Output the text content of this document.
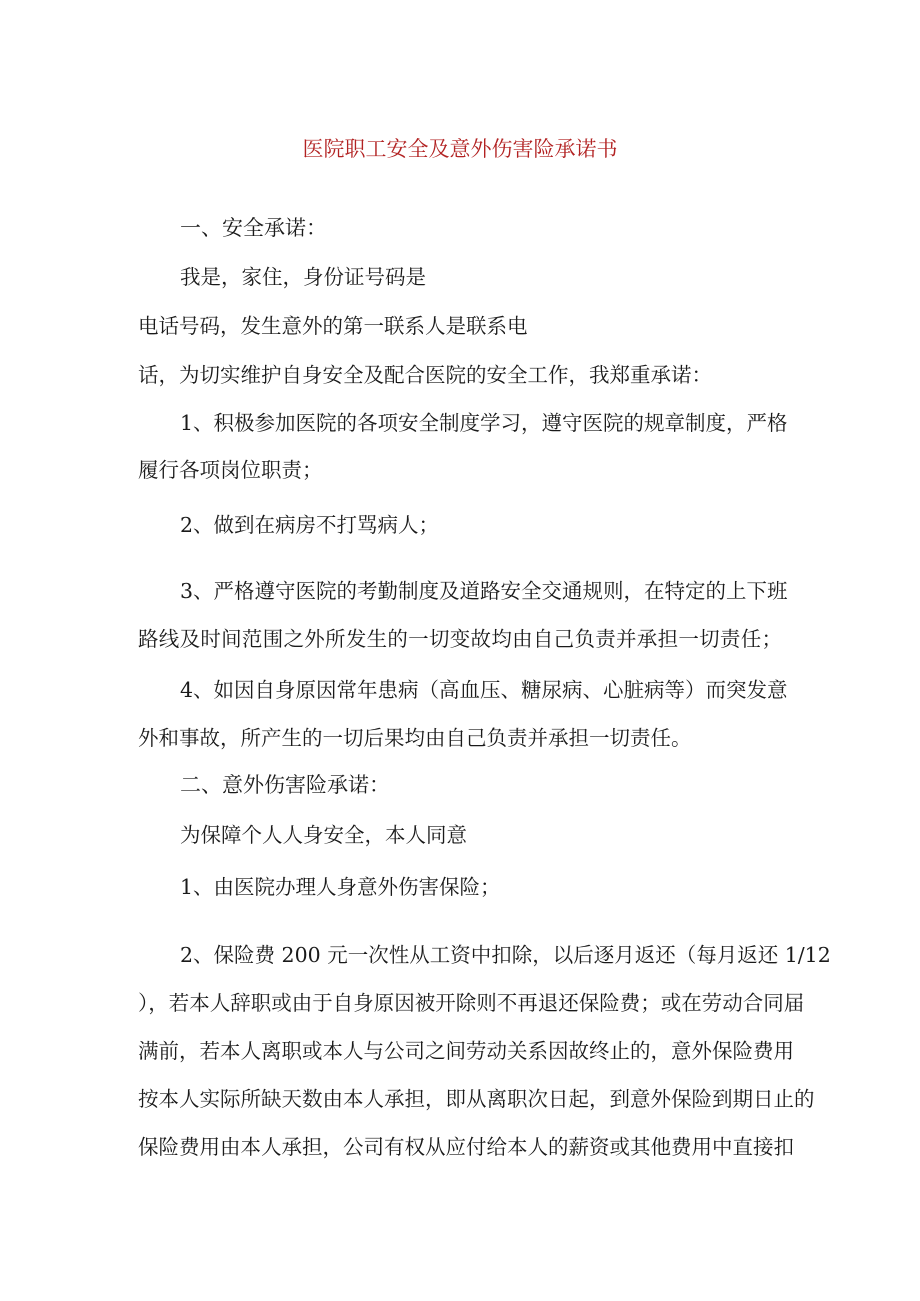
医院职工安全及意外伤害险承诺书
一、安全承诺：
我是，家住，身份证号码是
电话号码，发生意外的第一联系人是联系电
话，为切实维护自身安全及配合医院的安全工作，我郑重承诺：
1、积极参加医院的各项安全制度学习，遵守医院的规章制度，严格
履行各项岗位职责；
2、做到在病房不打骂病人；
3、严格遵守医院的考勤制度及道路安全交通规则，在特定的上下班
路线及时间范围之外所发生的一切变故均由自己负责并承担一切责任；
4、如因自身原因常年患病（高血压、糖尿病、心脏病等）而突发意
外和事故，所产生的一切后果均由自己负责并承担一切责任。
二、意外伤害险承诺：
为保障个人人身安全，本人同意
1、由医院办理人身意外伤害保险；
2、保险费 200 元一次性从工资中扣除，以后逐月返还（每月返还 1/12
），若本人辞职或由于自身原因被开除则不再退还保险费；或在劳动合同届
满前，若本人离职或本人与公司之间劳动关系因故终止的，意外保险费用
按本人实际所缺天数由本人承担，即从离职次日起，到意外保险到期日止的
保险费用由本人承担，公司有权从应付给本人的薪资或其他费用中直接扣
